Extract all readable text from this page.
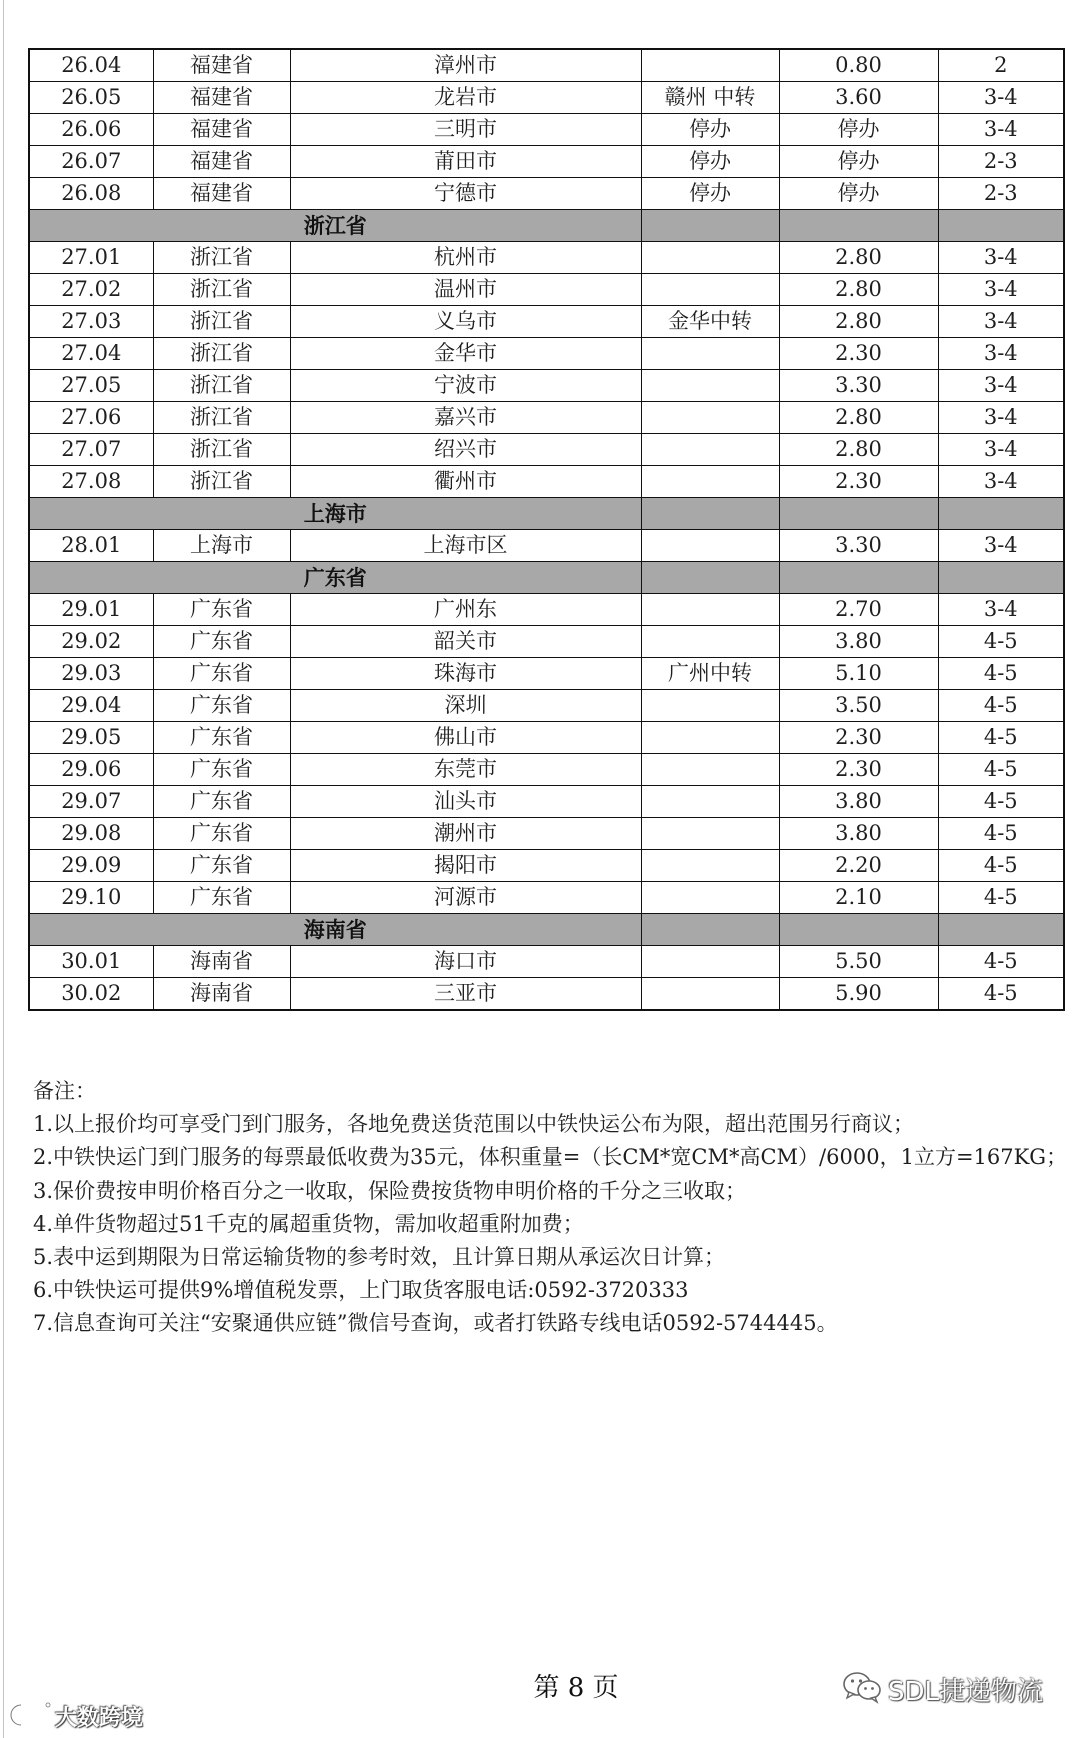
26.04	福建省	漳州市		0.80	2
26.05	福建省	龙岩市	赣州 中转	3.60	3-4
26.06	福建省	三明市	停办	停办	3-4
26.07	福建省	莆田市	停办	停办	2-3
26.08	福建省	宁德市	停办	停办	2-3
浙江省					
27.01	浙江省	杭州市		2.80	3-4
27.02	浙江省	温州市		2.80	3-4
27.03	浙江省	义乌市	金华中转	2.80	3-4
27.04	浙江省	金华市		2.30	3-4
27.05	浙江省	宁波市		3.30	3-4
27.06	浙江省	嘉兴市		2.80	3-4
27.07	浙江省	绍兴市		2.80	3-4
27.08	浙江省	衢州市		2.30	3-4
上海市					
28.01	上海市	上海市区		3.30	3-4
广东省					
29.01	广东省	广州东		2.70	3-4
29.02	广东省	韶关市		3.80	4-5
29.03	广东省	珠海市	广州中转	5.10	4-5
29.04	广东省	深圳		3.50	4-5
29.05	广东省	佛山市		2.30	4-5
29.06	广东省	东莞市		2.30	4-5
29.07	广东省	汕头市		3.80	4-5
29.08	广东省	潮州市		3.80	4-5
29.09	广东省	揭阳市		2.20	4-5
29.10	广东省	河源市		2.10	4-5
海南省					
30.01	海南省	海口市		5.50	4-5
30.02	海南省	三亚市		5.90	4-5
备注：
1.以上报价均可享受门到门服务，各地免费送货范围以中铁快运公布为限，超出范围另行商议；
2.中铁快运门到门服务的每票最低收费为35元，体积重量=（长CM*宽CM*高CM）/6000，1立方=167KG；
3.保价费按申明价格百分之一收取，保险费按货物申明价格的千分之三收取；
4.单件货物超过51千克的属超重货物，需加收超重附加费；
5.表中运到期限为日常运输货物的参考时效，且计算日期从承运次日计算；
6.中铁快运可提供9%增值税发票，上门取货客服电话:0592-3720333
7.信息查询可关注“安聚通供应链”微信号查询，或者打铁路专线电话0592-5744445。
第 8 页	SDL捷递物流
大数跨境
